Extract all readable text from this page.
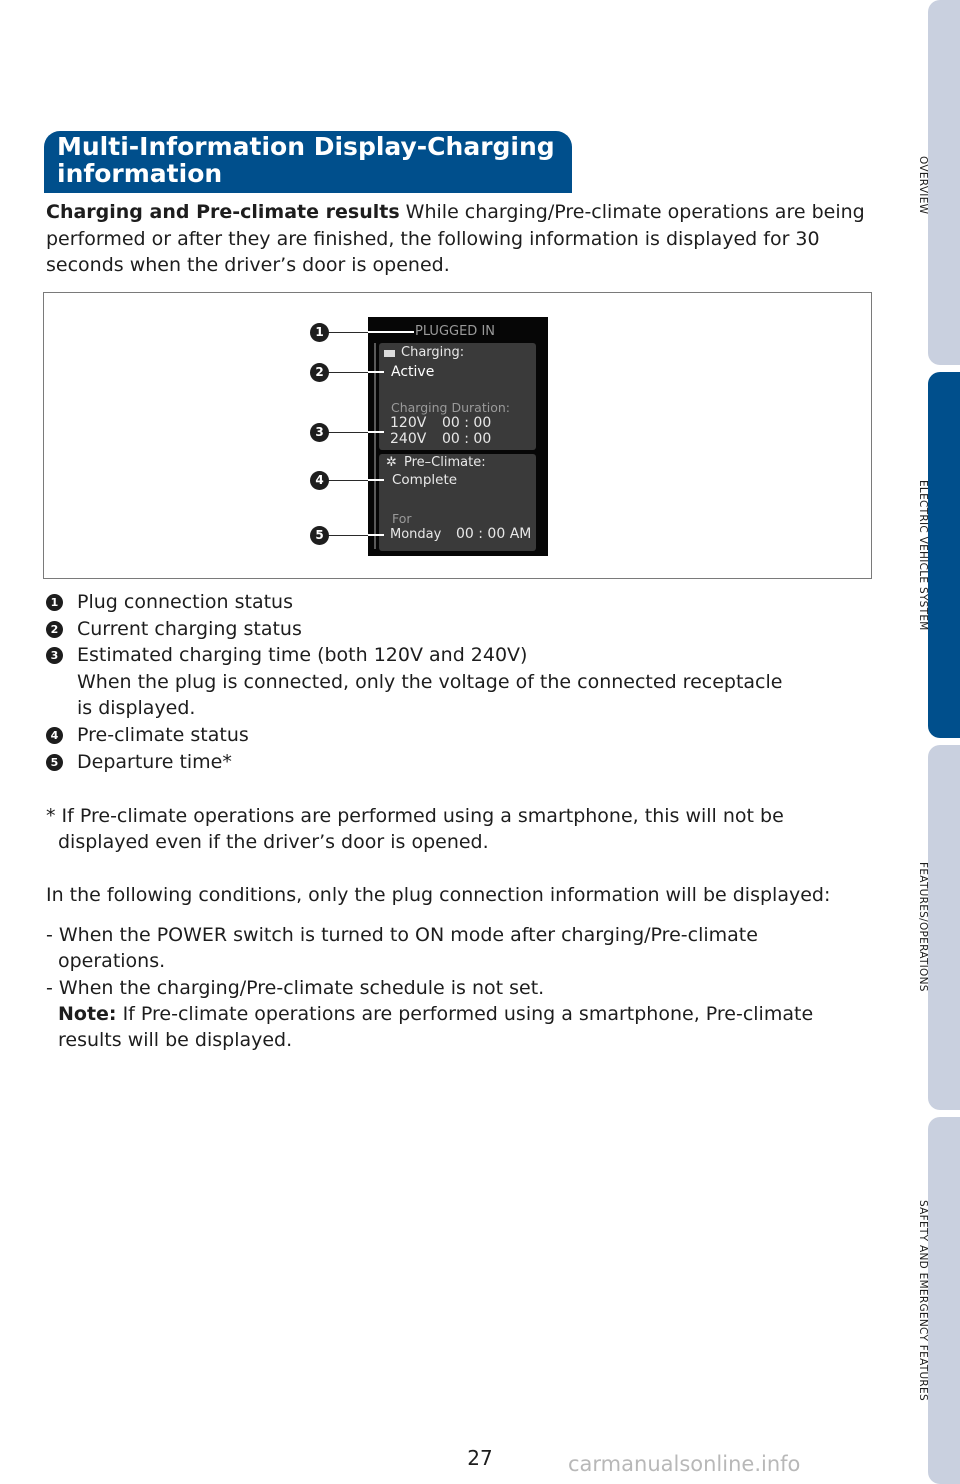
Multi-Information Display-Charging information
Charging and Pre-climate results While charging/Pre-climate operations are being performed or after they are finished, the following information is displayed for 30 seconds when the driver’s door is opened.
PLUGGED IN
Charging:
Active
Charging Duration:
120V 00 : 00
240V 00 : 00
✲ Pre–Climate:
Complete
For
Monday 00 : 00 AM
1
2
3
4
5
1 Plug connection status
2 Current charging status
3 Estimated charging time (both 120V and 240V)
When the plug is connected, only the voltage of the connected receptacle
is displayed.
4 Pre-climate status
5 Departure time*
* If Pre-climate operations are performed using a smartphone, this will not be
displayed even if the driver’s door is opened.
In the following conditions, only the plug connection information will be displayed:
- When the POWER switch is turned to ON mode after charging/Pre-climate
operations.
- When the charging/Pre-climate schedule is not set.
Note: If Pre-climate operations are performed using a smartphone, Pre-climate
results will be displayed.
OVERVIEW
ELECTRIC VEHICLE SYSTEM
FEATURES/OPERATIONS
SAFETY AND EMERGENCY FEATURES
27	carmanualsonline.info
